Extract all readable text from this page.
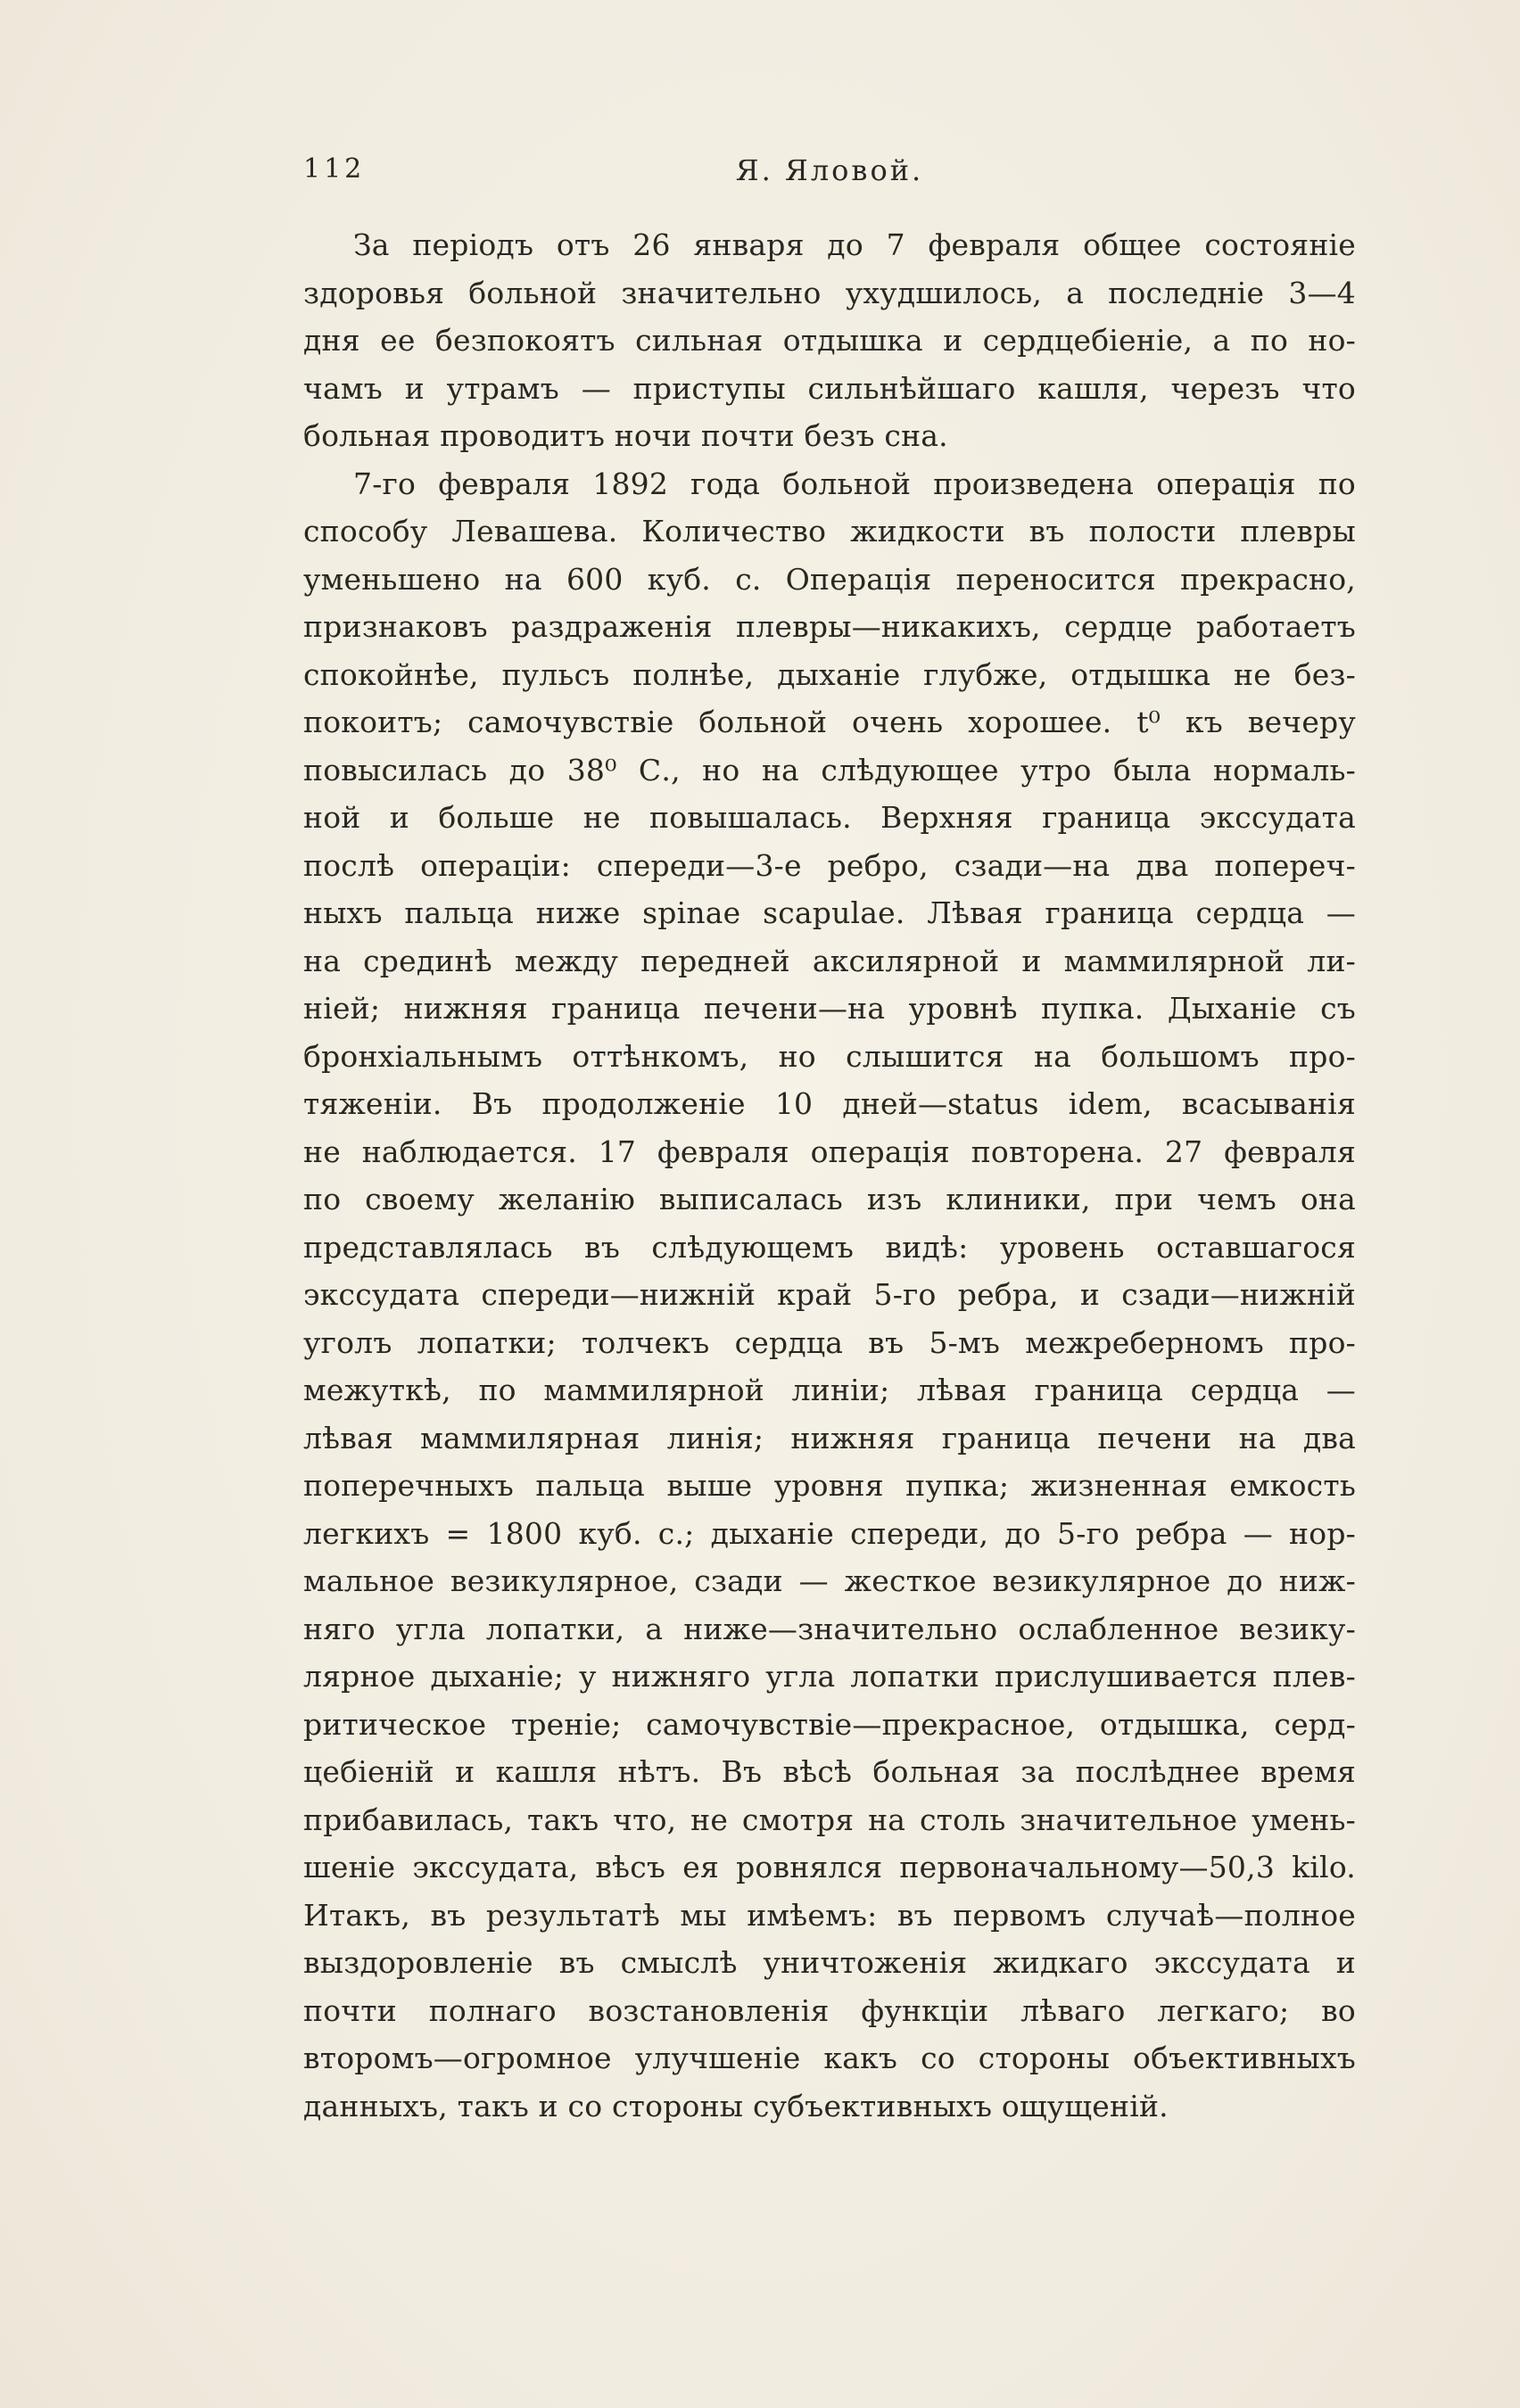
112	Я. Яловой.
За періодъ отъ 26 января до 7 февраля общее состояніе
здоровья больной значительно ухудшилось, а последніе 3—4
дня ее безпокоятъ сильная отдышка и сердцебіеніе, а по но-
чамъ и утрамъ — приступы сильнѣйшаго кашля, черезъ что
больная проводитъ ночи почти безъ сна.
7-го февраля 1892 года больной произведена операція по
способу Левашева. Количество жидкости въ полости плевры
уменьшено на 600 куб. с. Операція переносится прекрасно,
признаковъ раздраженія плевры—никакихъ, сердце работаетъ
спокойнѣе, пульсъ полнѣе, дыханіе глубже, отдышка не без-
покоитъ; самочувствіе больной очень хорошее. t⁰ къ вечеру
повысилась до 38⁰ С., но на слѣдующее утро была нормаль-
ной и больше не повышалась. Верхняя граница экссудата
послѣ операціи: спереди—3-е ребро, сзади—на два попереч-
ныхъ пальца ниже spinae scapulae. Лѣвая граница сердца —
на срединѣ между передней аксилярной и маммилярной ли-
ніей; нижняя граница печени—на уровнѣ пупка. Дыханіе съ
бронхіальнымъ оттѣнкомъ, но слышится на большомъ про-
тяженіи. Въ продолженіе 10 дней—status idem, всасыванія
не наблюдается. 17 февраля операція повторена. 27 февраля
по своему желанію выписалась изъ клиники, при чемъ она
представлялась въ слѣдующемъ видѣ: уровень оставшагося
экссудата спереди—нижній край 5-го ребра, и сзади—нижній
уголъ лопатки; толчекъ сердца въ 5-мъ межреберномъ про-
межуткѣ, по маммилярной линіи; лѣвая граница сердца —
лѣвая маммилярная линія; нижняя граница печени на два
поперечныхъ пальца выше уровня пупка; жизненная емкость
легкихъ = 1800 куб. с.; дыханіе спереди, до 5-го ребра — нор-
мальное везикулярное, сзади — жесткое везикулярное до ниж-
няго угла лопатки, а ниже—значительно ослабленное везику-
лярное дыханіе; у нижняго угла лопатки прислушивается плев-
ритическое треніе; самочувствіе—прекрасное, отдышка, серд-
цебіеній и кашля нѣтъ. Въ вѣсѣ больная за послѣднее время
прибавилась, такъ что, не смотря на столь значительное умень-
шеніе экссудата, вѣсъ ея ровнялся первоначальному—50,3 kilo.
Итакъ, въ результатѣ мы имѣемъ: въ первомъ случаѣ—полное
выздоровленіе въ смыслѣ уничтоженія жидкаго экссудата и
почти полнаго возстановленія функціи лѣваго легкаго; во
второмъ—огромное улучшеніе какъ со стороны объективныхъ
данныхъ, такъ и со стороны субъективныхъ ощущеній.
